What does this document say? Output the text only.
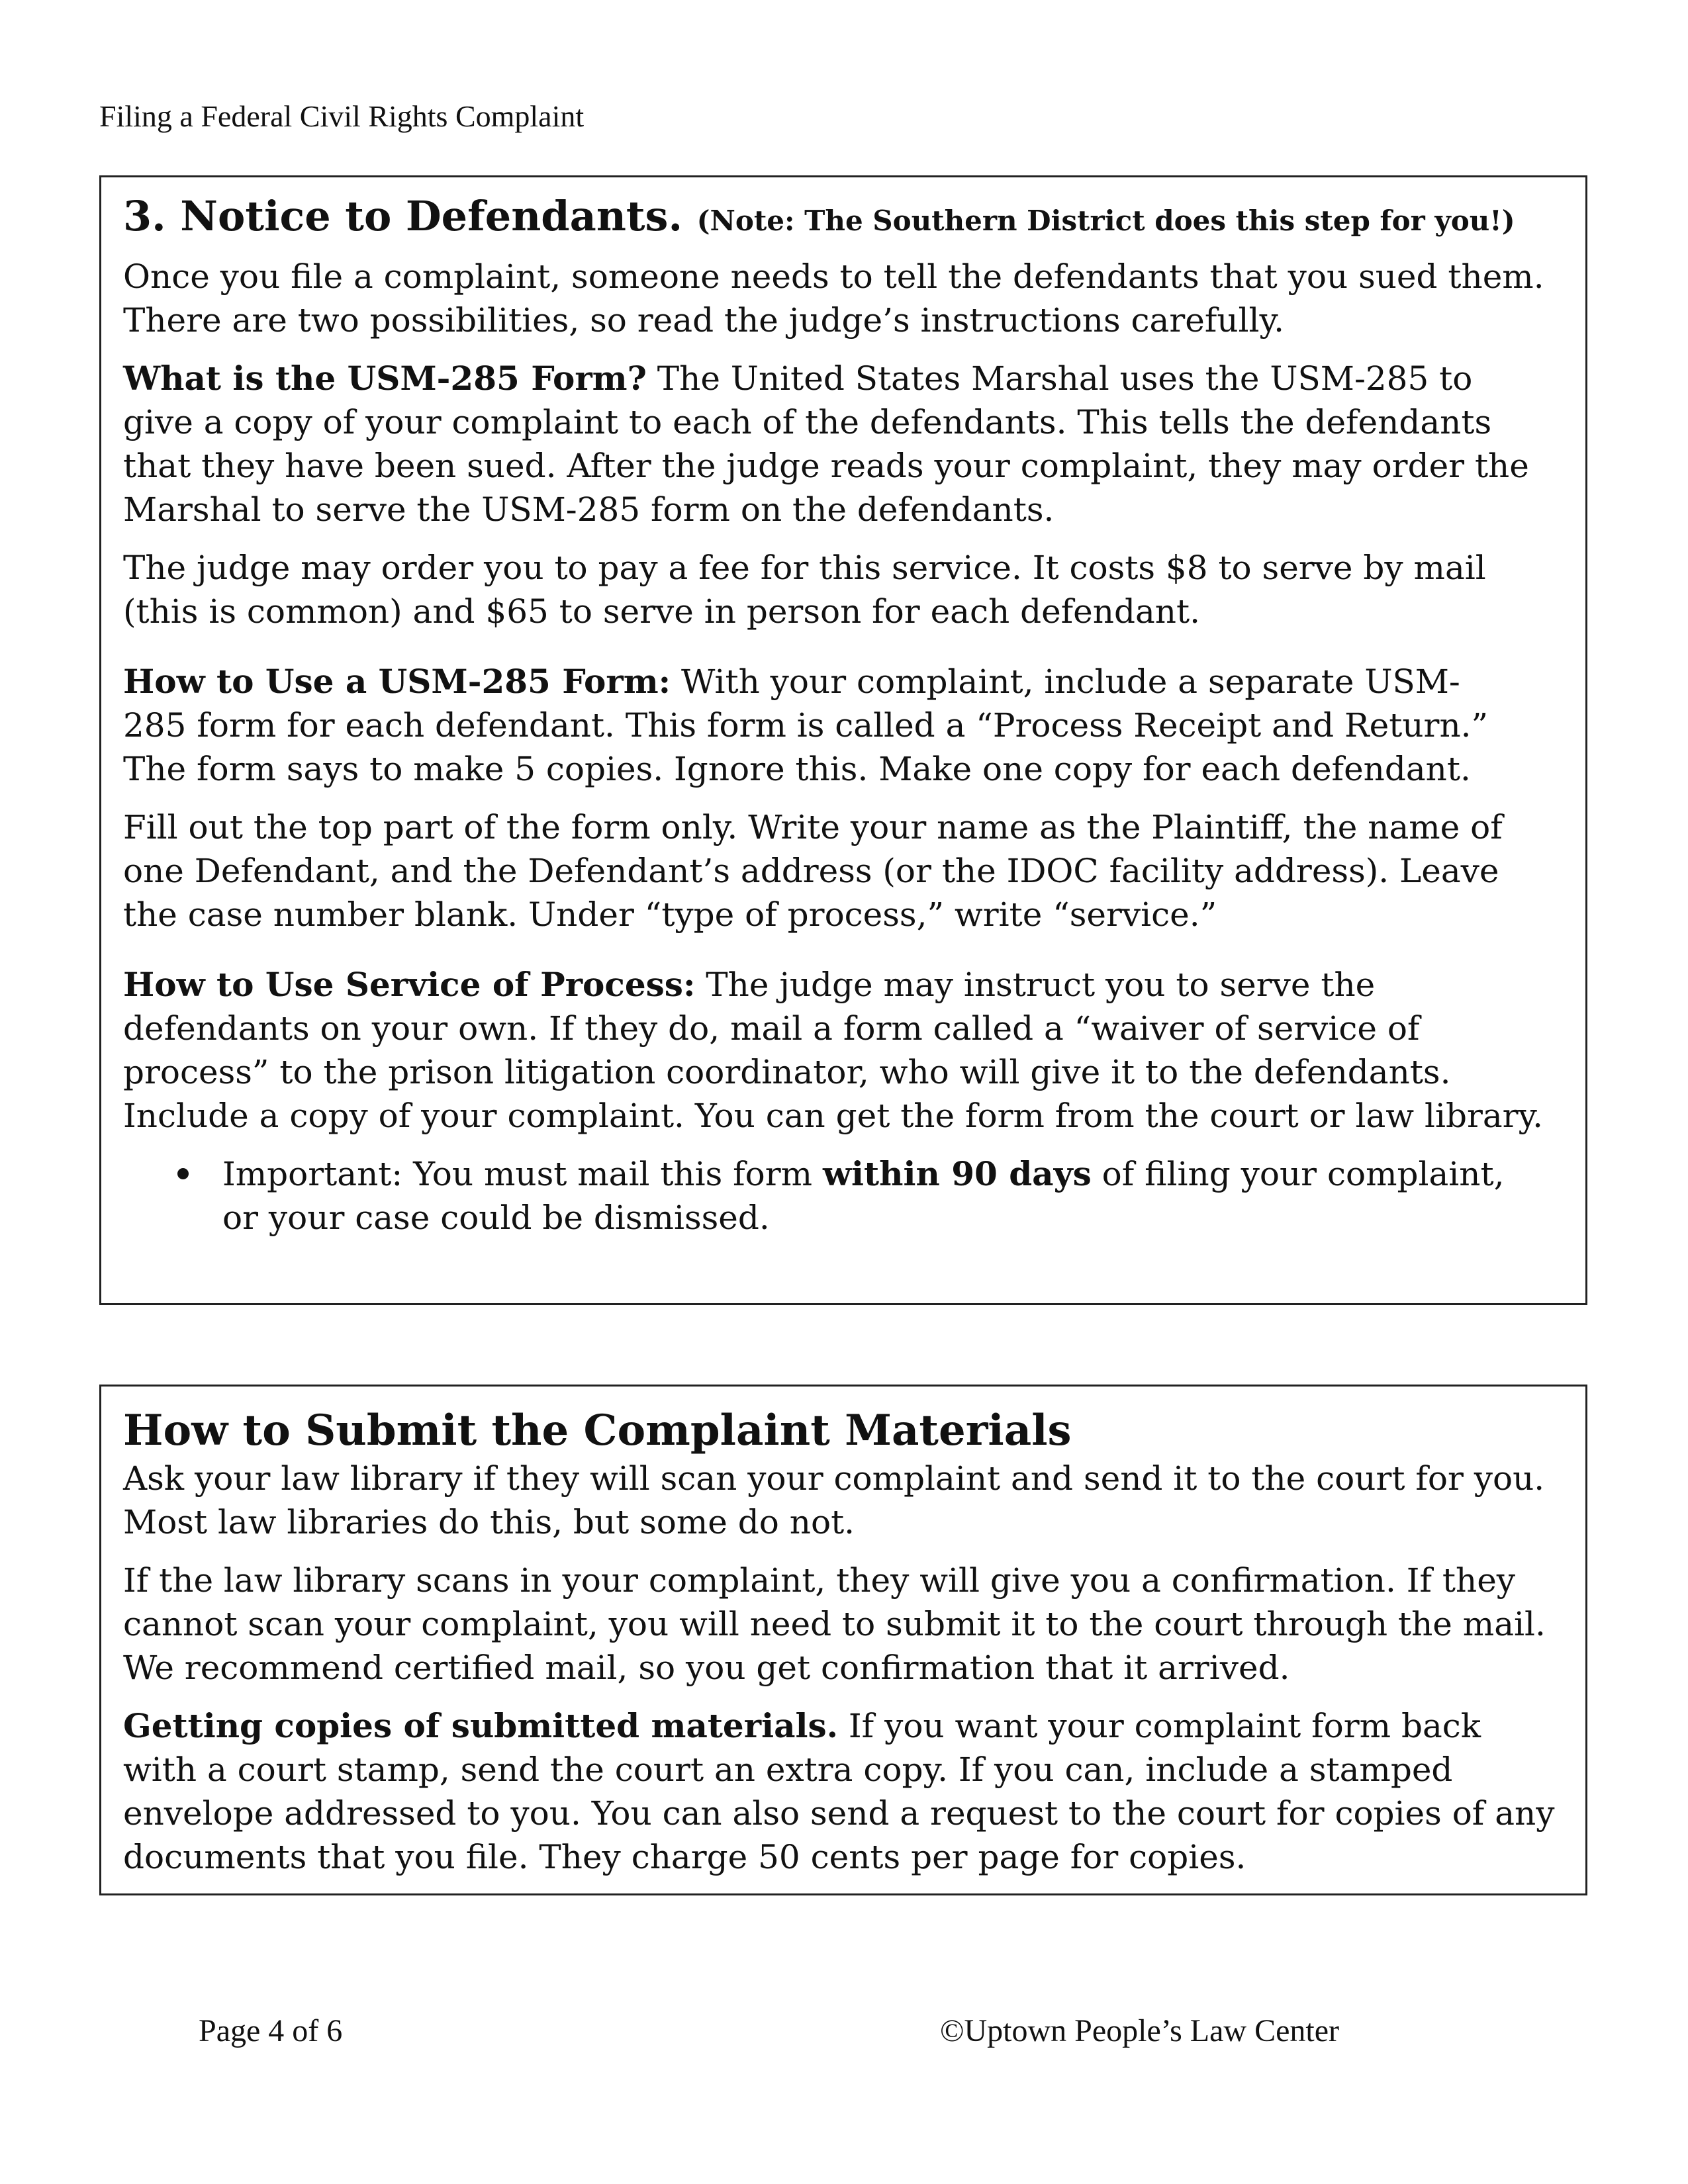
Filing a Federal Civil Rights Complaint
3. Notice to Defendants. (Note: The Southern District does this step for you!)

Once you file a complaint, someone needs to tell the defendants that you sued them.

There are two possibilities, so read the judge’s instructions carefully.

What is the USM-285 Form? The United States Marshal uses the USM-285 to

give a copy of your complaint to each of the defendants. This tells the defendants

that they have been sued. After the judge reads your complaint, they may order the

Marshal to serve the USM-285 form on the defendants.

The judge may order you to pay a fee for this service. It costs $8 to serve by mail

(this is common) and $65 to serve in person for each defendant.

How to Use a USM-285 Form: With your complaint, include a separate USM-

285 form for each defendant. This form is called a “Process Receipt and Return.”

The form says to make 5 copies. Ignore this. Make one copy for each defendant.

Fill out the top part of the form only. Write your name as the Plaintiff, the name of

one Defendant, and the Defendant’s address (or the IDOC facility address). Leave

the case number blank. Under “type of process,” write “service.”

How to Use Service of Process: The judge may instruct you to serve the

defendants on your own. If they do, mail a form called a “waiver of service of

process” to the prison litigation coordinator, who will give it to the defendants.

Include a copy of your complaint. You can get the form from the court or law library.

Important: You must mail this form within 90 days of filing your complaint,
or your case could be dismissed.
How to Submit the Complaint Materials

Ask your law library if they will scan your complaint and send it to the court for you.

Most law libraries do this, but some do not.

If the law library scans in your complaint, they will give you a confirmation. If they

cannot scan your complaint, you will need to submit it to the court through the mail.

We recommend certified mail, so you get confirmation that it arrived.

Getting copies of submitted materials. If you want your complaint form back

with a court stamp, send the court an extra copy. If you can, include a stamped

envelope addressed to you. You can also send a request to the court for copies of any

documents that you file. They charge 50 cents per page for copies.

Page 4 of 6	©Uptown People’s Law Center
